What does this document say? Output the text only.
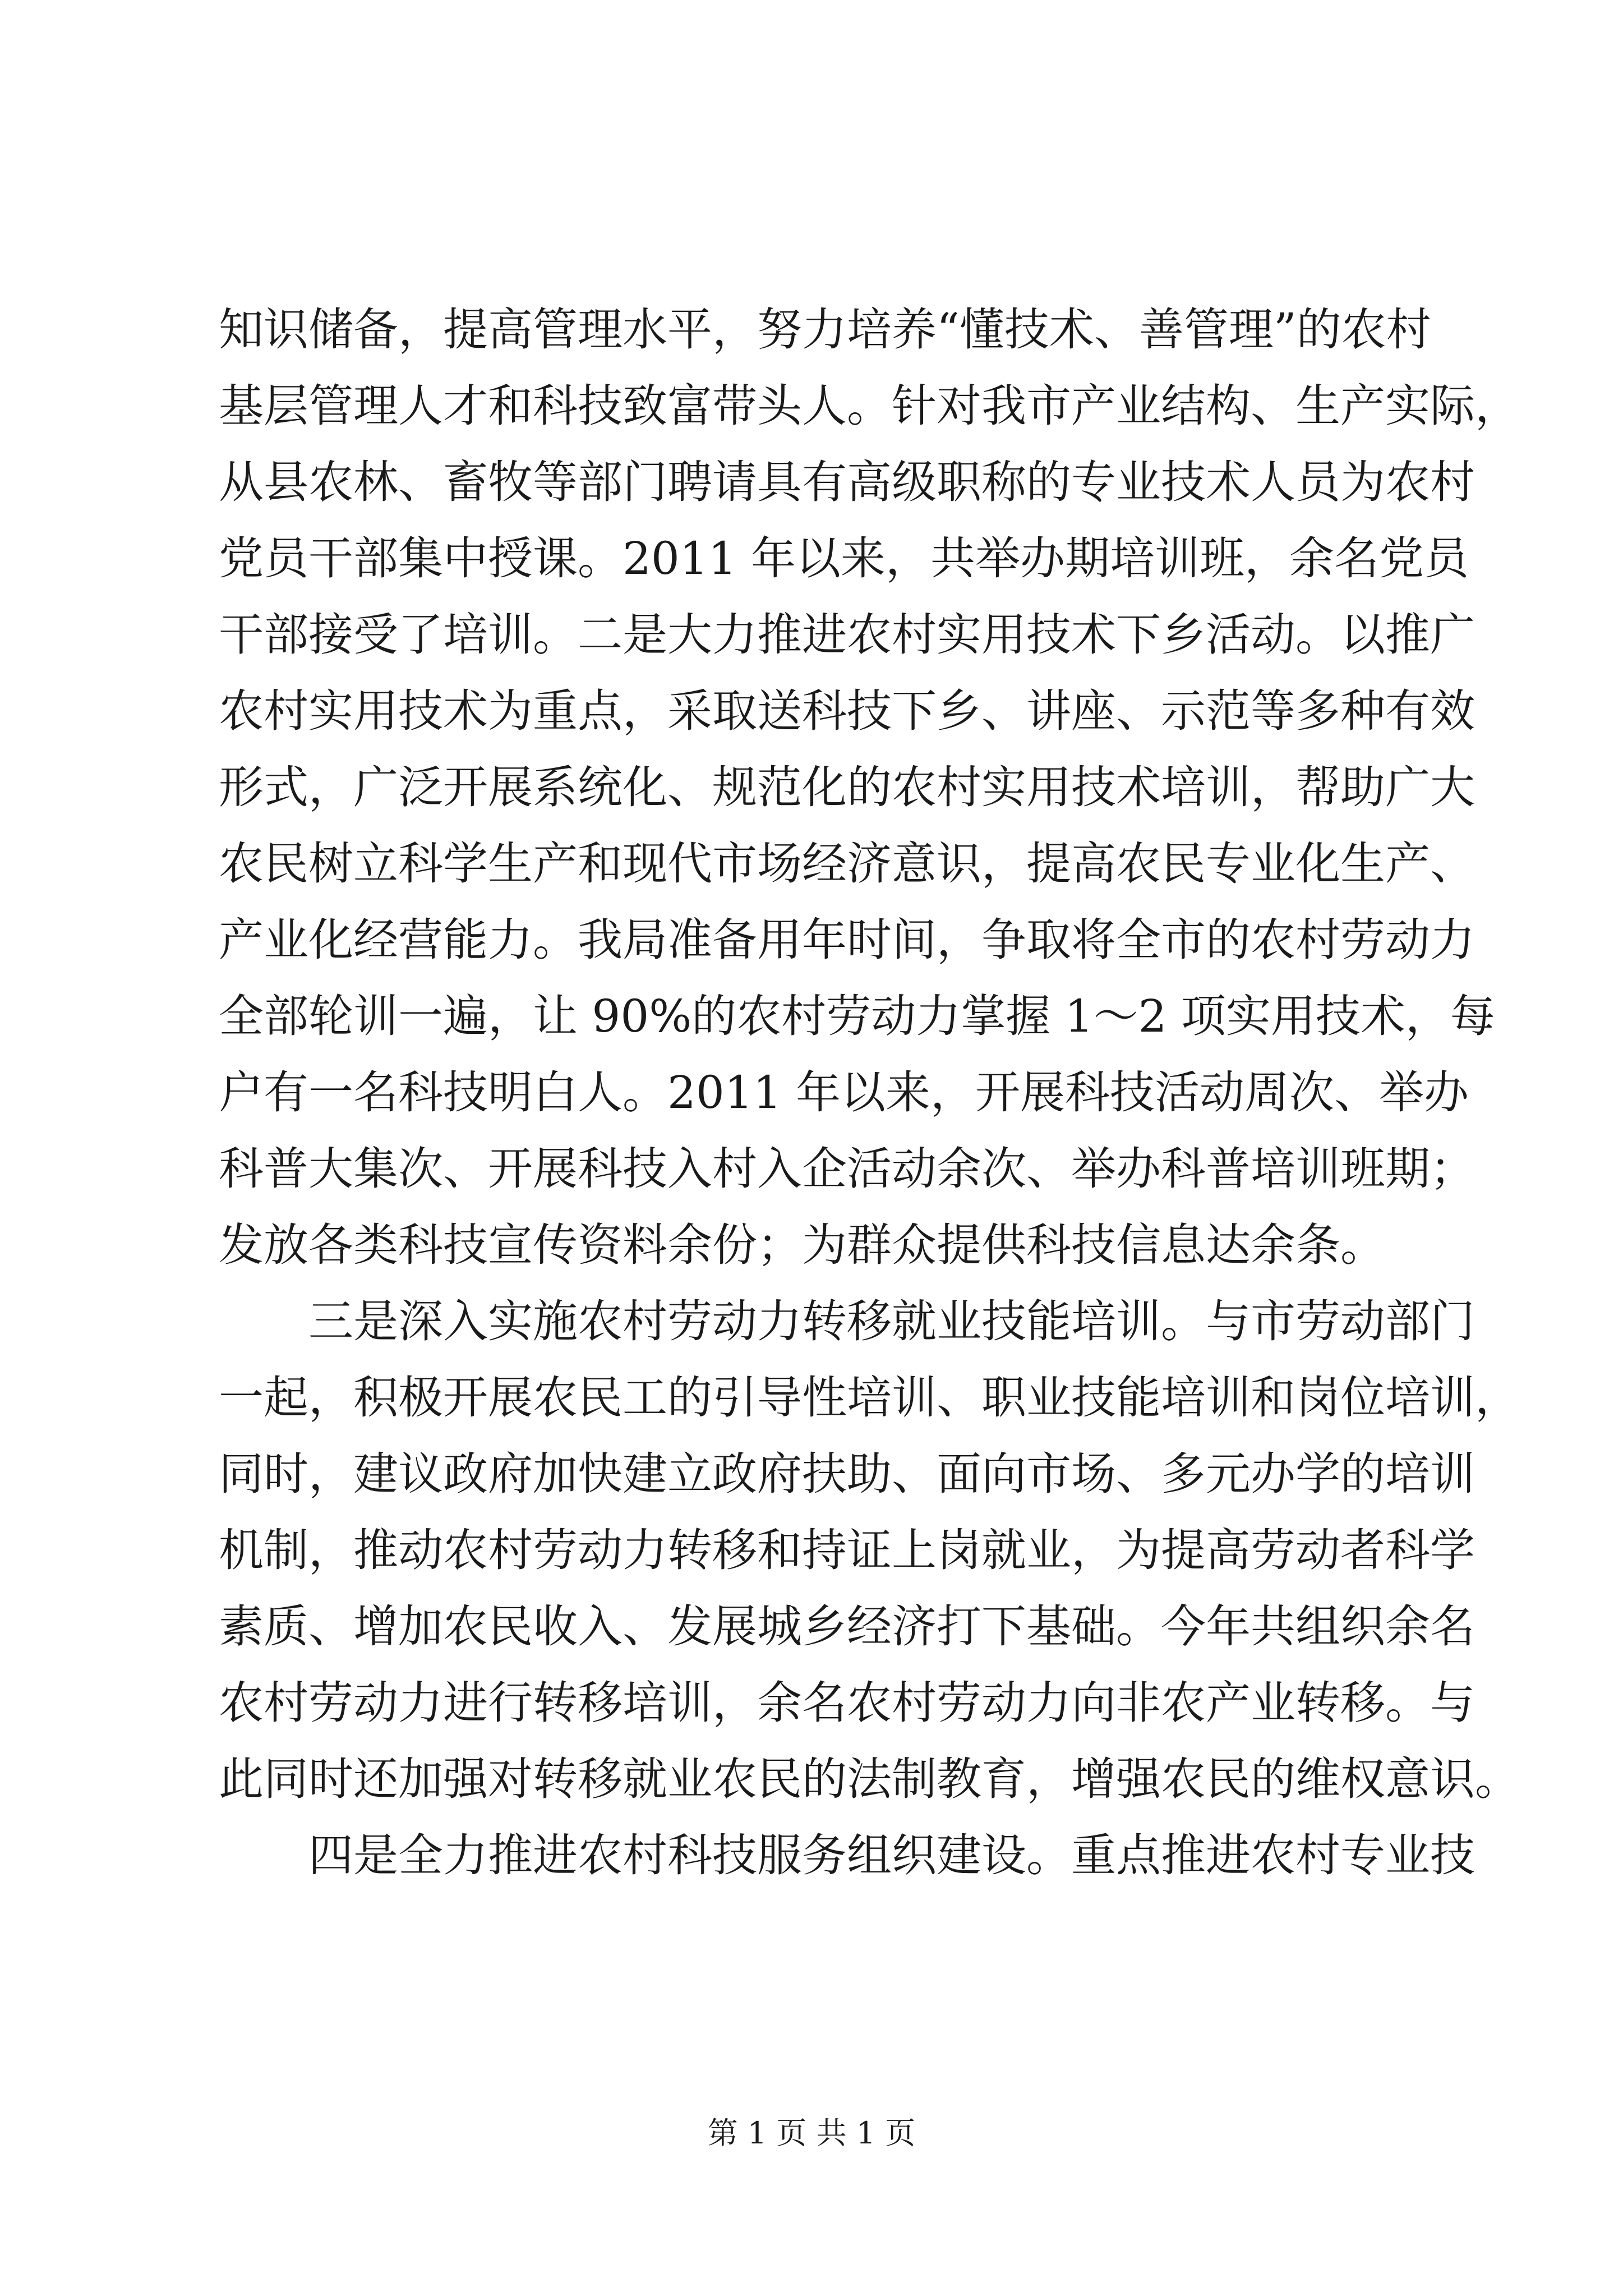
知识储备，提高管理水平，努力培养“懂技术、善管理”的农村
基层管理人才和科技致富带头人。针对我市产业结构、生产实际，
从县农林、畜牧等部门聘请具有高级职称的专业技术人员为农村
党员干部集中授课。2011 年以来，共举办期培训班，余名党员
干部接受了培训。二是大力推进农村实用技术下乡活动。以推广
农村实用技术为重点，采取送科技下乡、讲座、示范等多种有效
形式，广泛开展系统化、规范化的农村实用技术培训，帮助广大
农民树立科学生产和现代市场经济意识，提高农民专业化生产、
产业化经营能力。我局准备用年时间，争取将全市的农村劳动力
全部轮训一遍，让 90%的农村劳动力掌握 1～2 项实用技术，每
户有一名科技明白人。2011 年以来，开展科技活动周次、举办
科普大集次、开展科技入村入企活动余次、举办科普培训班期；
发放各类科技宣传资料余份；为群众提供科技信息达余条。
三是深入实施农村劳动力转移就业技能培训。与市劳动部门
一起，积极开展农民工的引导性培训、职业技能培训和岗位培训，
同时，建议政府加快建立政府扶助、面向市场、多元办学的培训
机制，推动农村劳动力转移和持证上岗就业，为提高劳动者科学
素质、增加农民收入、发展城乡经济打下基础。今年共组织余名
农村劳动力进行转移培训，余名农村劳动力向非农产业转移。与
此同时还加强对转移就业农民的法制教育，增强农民的维权意识。
四是全力推进农村科技服务组织建设。重点推进农村专业技
第 1 页 共 1 页
